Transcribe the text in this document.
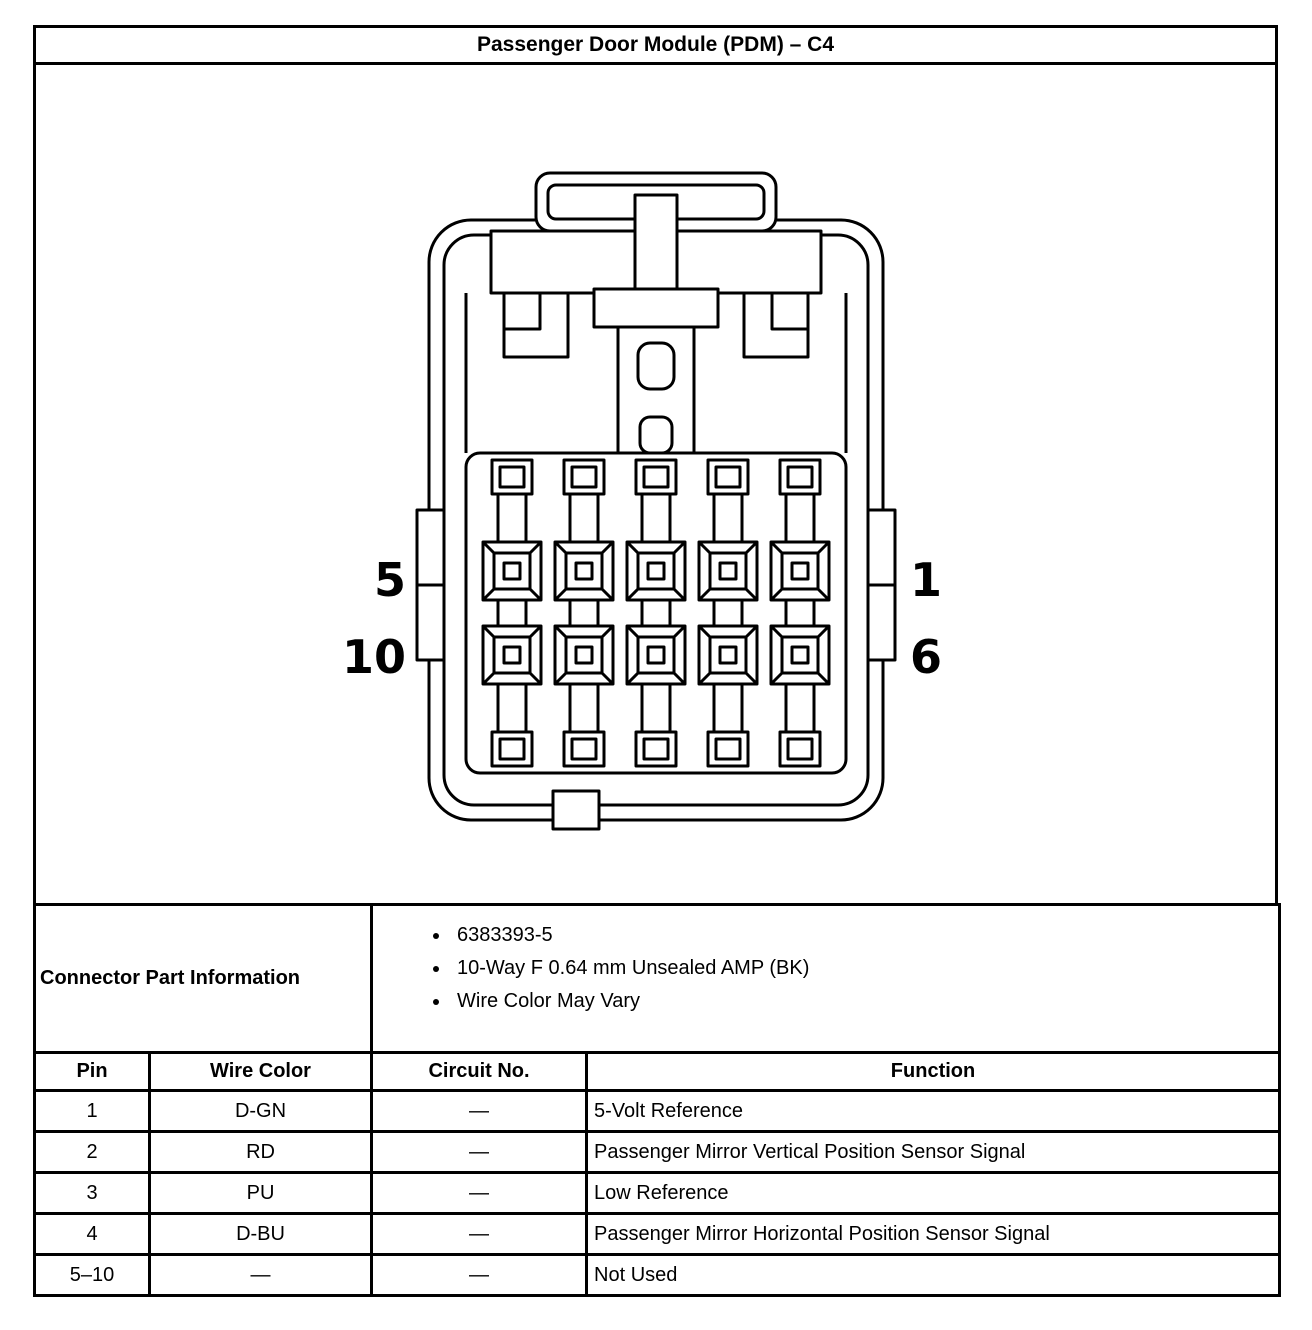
Passenger Door Module (PDM) – C4
5
10
1
6
Connector Part Information	
• 6383393-5
• 10-Way F 0.64 mm Unsealed AMP (BK)
• Wire Color May Vary

Pin	Wire Color	Circuit No.	Function
1	D-GN	—	5-Volt Reference
2	RD	—	Passenger Mirror Vertical Position Sensor Signal
3	PU	—	Low Reference
4	D-BU	—	Passenger Mirror Horizontal Position Sensor Signal
5–10	—	—	Not Used
